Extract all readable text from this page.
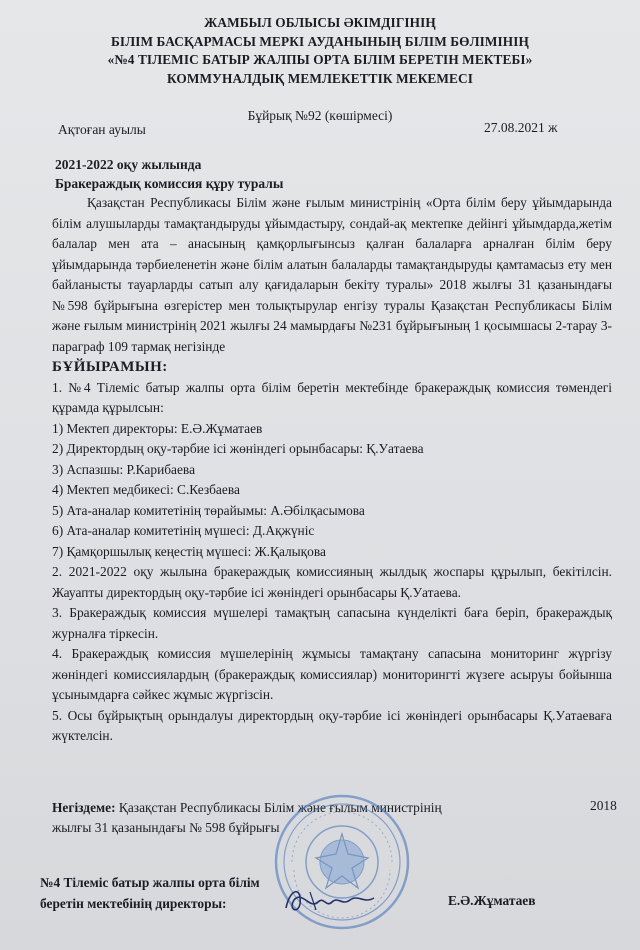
ЖАМБЫЛ ОБЛЫСЫ ӘКІМДІГІНІҢ
БІЛІМ БАСҚАРМАСЫ МЕРКІ АУДАНЫНЫҢ БІЛІМ БӨЛІМІНІҢ
«№4 ТІЛЕМІС БАТЫР ЖАЛПЫ ОРТА БІЛІМ БЕРЕТІН МЕКТЕБІ»
КОММУНАЛДЫҚ МЕМЛЕКЕТТІК МЕКЕМЕСІ
Бұйрық №92 (көшірмесі)
Ақтоған ауылы	27.08.2021 ж
2021-2022 оқу жылында
Бракераждық комиссия құру туралы

Қазақстан Республикасы Білім және ғылым министрінің «Орта білім беру ұйымдарында білім алушыларды тамақтандыруды ұйымдастыру, сондай-ақ мектепке дейінгі ұйымдарда,жетім балалар мен ата – анасының қамқорлығынсыз қалған балаларға арналған білім беру ұйымдарында тәрбиеленетін және білім алатын балаларды тамақтандыруды қамтамасыз ету мен байланысты тауарларды сатып алу қағидаларын бекіту туралы» 2018 жылғы 31 қазанындағы №598 бұйрығына өзгерістер мен толықтырулар енгізу туралы Қазақстан Республикасы Білім және ғылым министрінің 2021 жылғы 24 мамырдағы №231 бұйрығының 1 қосымшасы 2-тарау 3-параграф 109 тармақ негізінде

БҰЙЫРАМЫН:

1. №4 Тілеміс батыр жалпы орта білім беретін мектебінде бракераждық комиссия төмендегі құрамда құрылсын:

1) Мектеп директоры: Е.Ә.Жұматаев

2) Директордың оқу-тәрбие ісі жөніндегі орынбасары: Қ.Уатаева

3) Аспазшы: Р.Карибаева

4) Мектеп медбикесі: С.Кезбаева

5) Ата-аналар комитетінің төрайымы: А.Әбілқасымова

6) Ата-аналар комитетінің мүшесі: Д.Ақжүніс

7) Қамқоршылық кеңестің мүшесі: Ж.Қалықова

2. 2021-2022 оқу жылына бракераждық комиссияның жылдық жоспары құрылып, бекітілсін. Жауапты директордың оқу-тәрбие ісі жөніндегі орынбасары Қ.Уатаева.

3. Бракераждық комиссия мүшелері тамақтың сапасына күнделікті баға беріп, бракераждық журналға тіркесін.

4. Бракераждық комиссия мүшелерінің жұмысы тамақтану сапасына мониторинг жүргізу жөніндегі комиссиялардың (бракераждық комиссиялар) мониторингті жүзеге асыруы бойынша ұсынымдарға сәйкес жұмыс жүргізсін.

5. Осы бұйрықтың орындалуы директордың оқу-тәрбие ісі жөніндегі орынбасары Қ.Уатаеваға жүктелсін.

Негіздеме: Қазақстан Республикасы Білім және ғылым министрінің
жылғы 31 қазанындағы № 598 бұйрығы
2018
№4 Тілеміс батыр жалпы орта білім
беретін мектебінің директоры:	Е.Ә.Жұматаев
